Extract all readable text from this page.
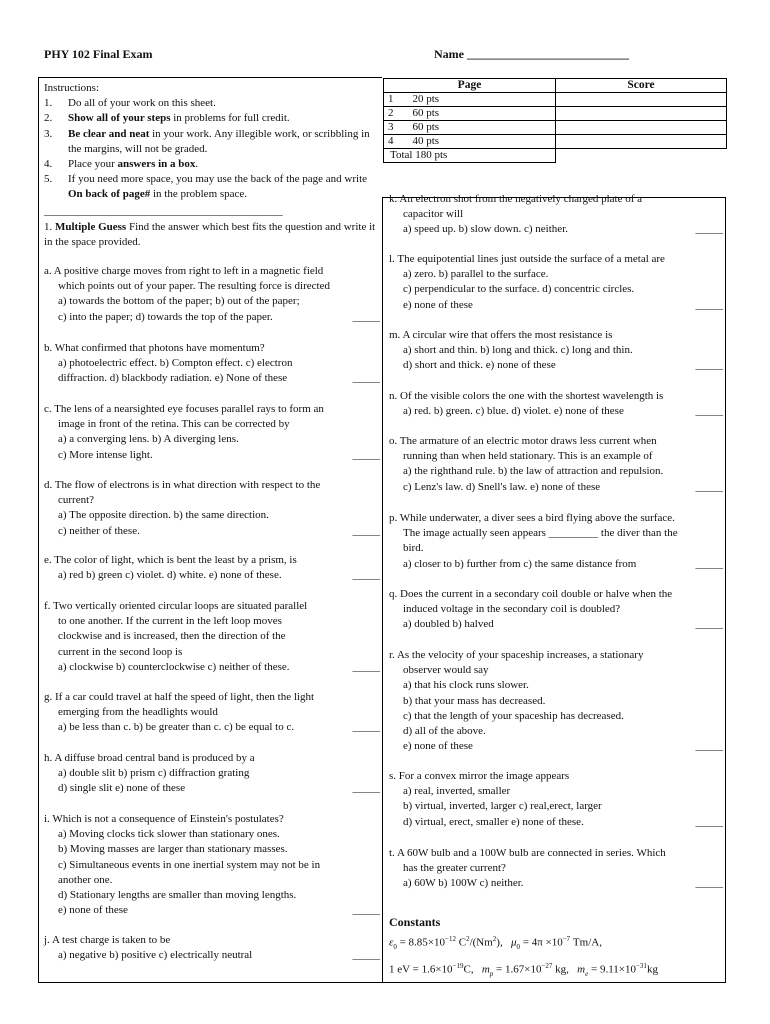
PHY 102 Final Exam	Name ___________________________
Instructions:
1. Do all of your work on this sheet.
2. Show all of your steps in problems for full credit.
3. Be clear and neat in your work. Any illegible work, or scribbling in the margins, will not be graded.
4. Place your answers in a box.
5. If you need more space, you may use the back of the page and write On back of page# in the problem space.
_____________________________________________
1. Multiple Guess Find the answer which best fits the question and write it in the space provided.
Page		Score
1	20 pts	
2	60 pts	
3	60 pts	
4	40 pts	
Total 180 pts		
a. A positive charge moves from right to left in a magnetic field
which points out of your paper. The resulting force is directed
a) towards the bottom of the paper; b) out of the paper;
c) into the paper; d) towards the top of the paper.	_____
b. What confirmed that photons have momentum?
a) photoelectric effect. b) Compton effect. c) electron
diffraction. d) blackbody radiation. e) None of these	_____
c. The lens of a nearsighted eye focuses parallel rays to form an
image in front of the retina. This can be corrected by
a) a converging lens. b) A diverging lens.
c) More intense light.	_____
d. The flow of electrons is in what direction with respect to the
current?
a) The opposite direction. b) the same direction.
c) neither of these.	_____
e. The color of light, which is bent the least by a prism, is
a) red b) green c) violet. d) white. e) none of these.	_____
f. Two vertically oriented circular loops are situated parallel
to one another. If the current in the left loop moves
clockwise and is increased, then the direction of the
current in the second loop is
a) clockwise b) counterclockwise c) neither of these.	_____
g. If a car could travel at half the speed of light, then the light
emerging from the headlights would
a) be less than c. b) be greater than c. c) be equal to c.	_____
h. A diffuse broad central band is produced by a
a) double slit b) prism c) diffraction grating
d) single slit e) none of these	_____
i. Which is not a consequence of Einstein's postulates?
a) Moving clocks tick slower than stationary ones.
b) Moving masses are larger than stationary masses.
c) Simultaneous events in one inertial system may not be in
another one.
d) Stationary lengths are smaller than moving lengths.
e) none of these	_____
j. A test charge is taken to be
a) negative b) positive c) electrically neutral	_____
k. An electron shot from the negatively charged plate of a
capacitor will
a) speed up. b) slow down. c) neither.	_____
l. The equipotential lines just outside the surface of a metal are
a) zero. b) parallel to the surface.
c) perpendicular to the surface. d) concentric circles.
e) none of these	_____
m. A circular wire that offers the most resistance is
a) short and thin. b) long and thick. c) long and thin.
d) short and thick. e) none of these	_____
n. Of the visible colors the one with the shortest wavelength is
a) red. b) green. c) blue. d) violet. e) none of these	_____
o. The armature of an electric motor draws less current when
running than when held stationary. This is an example of
a) the righthand rule. b) the law of attraction and repulsion.
c) Lenz's law. d) Snell's law. e) none of these	_____
p. While underwater, a diver sees a bird flying above the surface.
The image actually seen appears _________ the diver than the
bird.
a) closer to b) further from c) the same distance from	_____
q. Does the current in a secondary coil double or halve when the
induced voltage in the secondary coil is doubled?
a) doubled b) halved	_____
r. As the velocity of your spaceship increases, a stationary
observer would say
a) that his clock runs slower.
b) that your mass has decreased.
c) that the length of your spaceship has decreased.
d) all of the above.
e) none of these	_____
s. For a convex mirror the image appears
a) real, inverted, smaller
b) virtual, inverted, larger c) real,erect, larger
d) virtual, erect, smaller e) none of these.	_____
t. A 60W bulb and a 100W bulb are connected in series. Which
has the greater current?
a) 60W b) 100W c) neither.	_____
Constants
$\varepsilon_0 = 8.85\times 10^{-12}$ $C^2/(Nm^2)$, $\mu_0 = 4\pi \times 10^{-7}$ Tm/A,
1 eV = $1.6\times 10^{-19}C$, $m_p = 1.67\times 10^{-27}$ kg, $m_e = 9.11\times 10^{-31}kg$
